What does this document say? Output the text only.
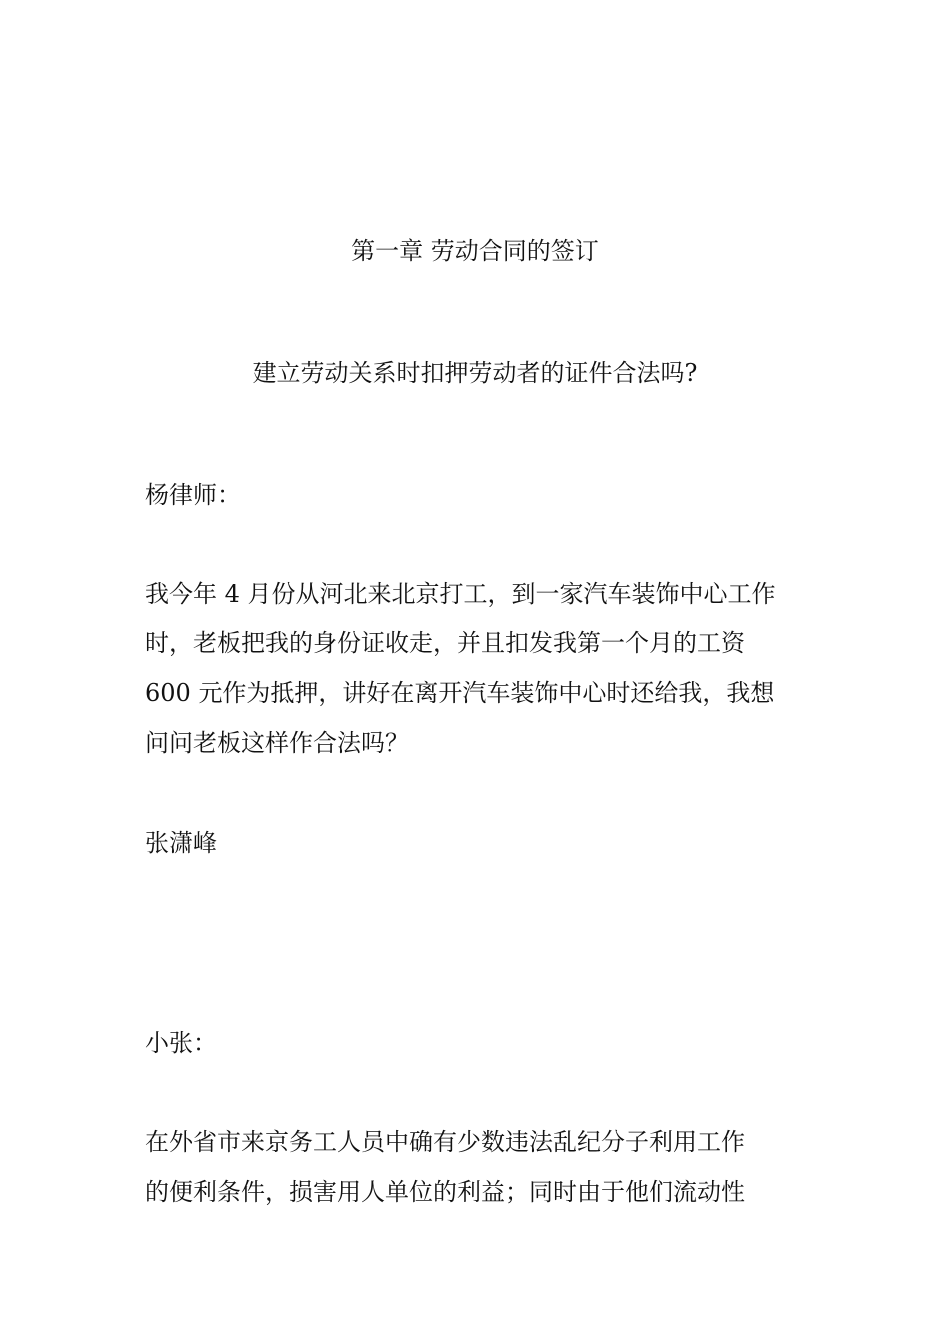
第一章 劳动合同的签订
建立劳动关系时扣押劳动者的证件合法吗?
杨律师：
我今年 4 月份从河北来北京打工，到一家汽车装饰中心工作
时，老板把我的身份证收走，并且扣发我第一个月的工资
600 元作为抵押，讲好在离开汽车装饰中心时还给我，我想
问问老板这样作合法吗？
张潇峰
小张：
在外省市来京务工人员中确有少数违法乱纪分子利用工作
的便利条件，损害用人单位的利益；同时由于他们流动性
